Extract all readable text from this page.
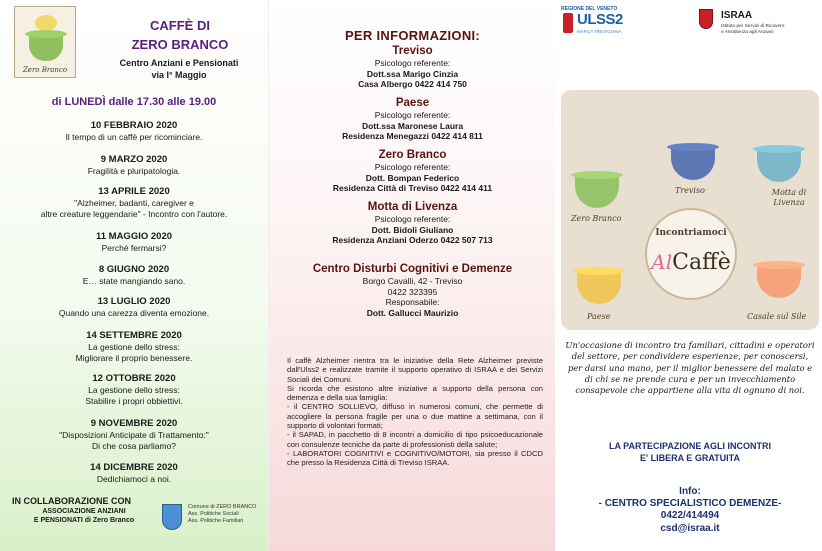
Zero Branco
CAFFÈ DI
ZERO BRANCO
Centro Anziani e Pensionati
via I° Maggio
di LUNEDÌ dalle 17.30 alle 19.00
10 FEBBRAIO 2020
Il tempo di un caffè per ricominciare.
9 MARZO 2020
Fragilità e pluripatologia.
13 APRILE 2020
"Alzheimer, badanti, caregiver e
altre creature leggendarie" - Incontro con l'autore.
11 MAGGIO 2020
Perché fermarsi?
8 GIUGNO 2020
E… state mangiando sano.
13 LUGLIO 2020
Quando una carezza diventa emozione.
14 SETTEMBRE 2020
La gestione dello stress:
Migliorare il proprio benessere.
12 OTTOBRE 2020
La gestione dello stress:
Stabilire i propri obbiettivi.
9 NOVEMBRE 2020
"Disposizioni Anticipate di Trattamento:"
Di che cosa parliamo?
14 DICEMBRE 2020
Dedichiamoci a noi.
IN COLLABORAZIONE CON
ASSOCIAZIONE ANZIANI
E PENSIONATI di Zero Branco
Comune di ZERO BRANCO
Ass. Politiche Sociali
Ass. Politiche Familiari
PER INFORMAZIONI:
Treviso
Psicologo referente:
Dott.ssa Marigo Cinzia
Casa Albergo 0422 414 750
Paese
Psicologo referente:
Dott.ssa Maronese Laura
Residenza Menegazzi 0422 414 811
Zero Branco
Psicologo referente:
Dott. Bompan Federico
Residenza Città di Treviso 0422 414 411
Motta di Livenza
Psicologo referente:
Dott. Bidoli Giuliano
Residenza Anziani Oderzo 0422 507 713
Centro Disturbi Cognitivi e Demenze
Borgo Cavalli, 42 - Treviso
0422 323395
Responsabile:
Dott. Gallucci Maurizio

Il caffè Alzheimer rientra tra le iniziative della Rete Alzheimer previste dall'Ulss2 e realizzate tramite il supporto operativo di ISRAA e dei Servizi Sociali dei Comuni.

Si ricorda che esistono altre iniziative a supporto della persona con demenza e della sua famiglia:

- il CENTRO SOLLIEVO, diffuso in numerosi comuni, che permette di accogliere la persona fragile per una o due mattine a settimana, con il supporto di volontari formati;

- il SAPAD, in pacchetto di 8 incontri a domicilio di tipo psicoeducazionale con consulenze tecniche da parte di professionisti della salute;

- LABORATORI COGNITIVI e COGNITIVO/MOTORI, sia presso il CDCD che presso la Residenza Città di Treviso ISRAA.

REGIONE DEL VENETO
ULSS2
MARCA TREVIGIANA
ISRAA
Istituto per Servizi di Ricovero
e Assistenza agli Anziani
Zero Branco
Treviso	Motta di Livenza
Paese	Casale sul Sile
Incontriamoci
AlCaffè
Un'occasione di incontro tra familiari, cittadini e operatori del settore, per condividere esperienze, per conoscersi, per darsi una mano, per il miglior benessere del malato e di chi se ne prende cura e per un invecchiamento consapevole che appartiene alla vita di ognuno di noi.
LA PARTECIPAZIONE AGLI INCONTRI
E' LIBERA E GRATUITA
Info:
- CENTRO SPECIALISTICO DEMENZE-
0422/414494
csd@israa.it
